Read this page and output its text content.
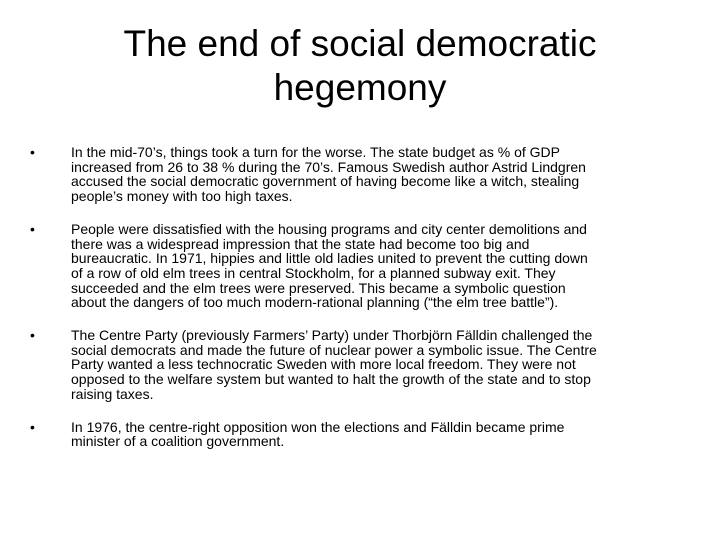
The end of social democratic
hegemony
•	In the mid-70’s, things took a turn for the worse. The state budget as % of GDP
increased from 26 to 38 % during the 70’s. Famous Swedish author Astrid Lindgren
accused the social democratic government of having become like a witch, stealing
people’s money with too high taxes.
•	People were dissatisfied with the housing programs and city center demolitions and
there was a widespread impression that the state had become too big and
bureaucratic. In 1971, hippies and little old ladies united to prevent the cutting down
of a row of old elm trees in central Stockholm, for a planned subway exit. They
succeeded and the elm trees were preserved. This became a symbolic question
about the dangers of too much modern-rational planning (“the elm tree battle”).
•	The Centre Party (previously Farmers’ Party) under Thorbjörn Fälldin challenged the
social democrats and made the future of nuclear power a symbolic issue. The Centre
Party wanted a less technocratic Sweden with more local freedom. They were not
opposed to the welfare system but wanted to halt the growth of the state and to stop
raising taxes.
•	In 1976, the centre-right opposition won the elections and Fälldin became prime
minister of a coalition government.
